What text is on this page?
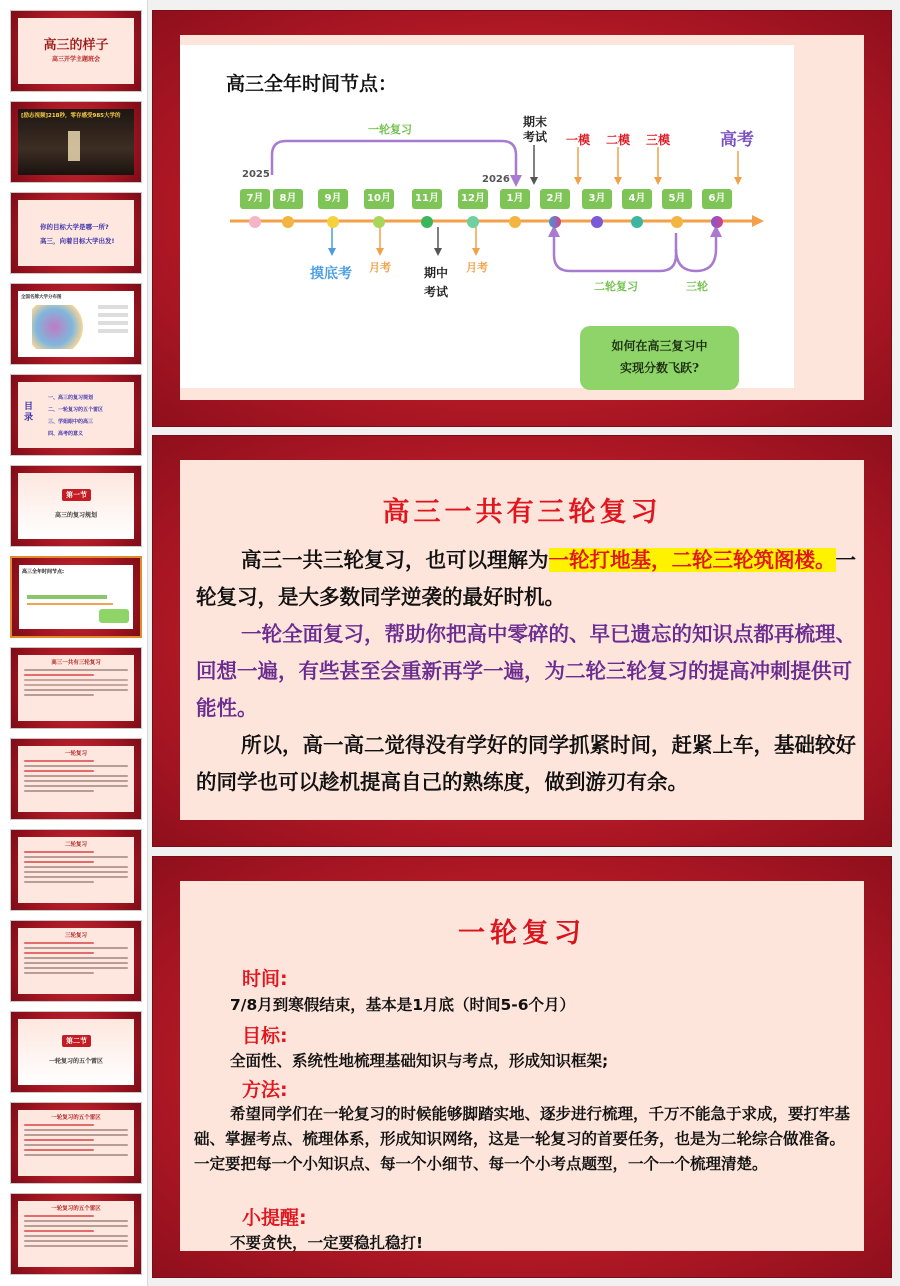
高三的样子
高三开学主题班会
[励志视频]218秒，零存感受985大学的
你的目标大学是哪一所?
高三，向着目标大学出发!
全国名牌大学分布图
目录
一、高三的复习规划
二、一轮复习的五个雷区
三、学姐眼中的高三
四、高考的意义
第一节
高三的复习规划
高三全年时间节点:
高三一共有三轮复习
一轮复习
二轮复习
三轮复习
第二节
一轮复习的五个雷区
一轮复习的五个雷区
一轮复习的五个雷区
高三全年时间节点：
2025	2026
7月	8月	9月	10月	11月	12月	1月	2月	3月	4月	5月	6月
一轮复习
二轮复习	三轮
期末
考试 一模 二模 三模	高考
摸底考 月考	期中
考试
月考
如何在高三复习中
实现分数飞跃?
高三一共有三轮复习

高三一共三轮复习，也可以理解为一轮打地基，二轮三轮筑阁楼。一轮复习，是大多数同学逆袭的最好时机。

一轮全面复习，帮助你把高中零碎的、早已遗忘的知识点都再梳理、回想一遍，有些甚至会重新再学一遍，为二轮三轮复习的提高冲刺提供可能性。

所以，高一高二觉得没有学好的同学抓紧时间，赶紧上车，基础较好的同学也可以趁机提高自己的熟练度，做到游刃有余。

一轮复习
时间:
7/8月到寒假结束，基本是1月底（时间5-6个月）
目标:
全面性、系统性地梳理基础知识与考点，形成知识框架;
方法:
希望同学们在一轮复习的时候能够脚踏实地、逐步进行梳理，千万不能急于求成，要打牢基础、掌握考点、梳理体系，形成知识网络，这是一轮复习的首要任务，也是为二轮综合做准备。一定要把每一个小知识点、每一个小细节、每一个小考点题型，一个一个梳理清楚。
小提醒:
不要贪快，一定要稳扎稳打!
